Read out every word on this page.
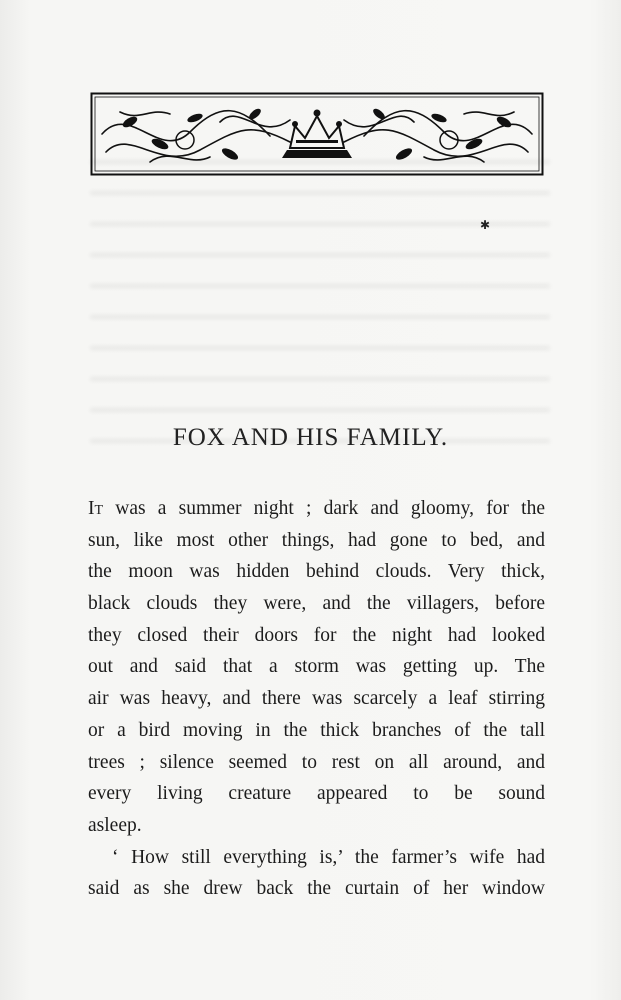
✱
FOX AND HIS FAMILY.
It was a summer night ; dark and gloomy, for the
sun, like most other things, had gone to bed, and
the moon was hidden behind clouds. Very thick,
black clouds they were, and the villagers, before
they closed their doors for the night had looked
out and said that a storm was getting up. The
air was heavy, and there was scarcely a leaf stirring
or a bird moving in the thick branches of the tall
trees ; silence seemed to rest on all around, and
every living creature appeared to be sound
asleep.
‘ How still everything is,’ the farmer’s wife had
said as she drew back the curtain of her window
